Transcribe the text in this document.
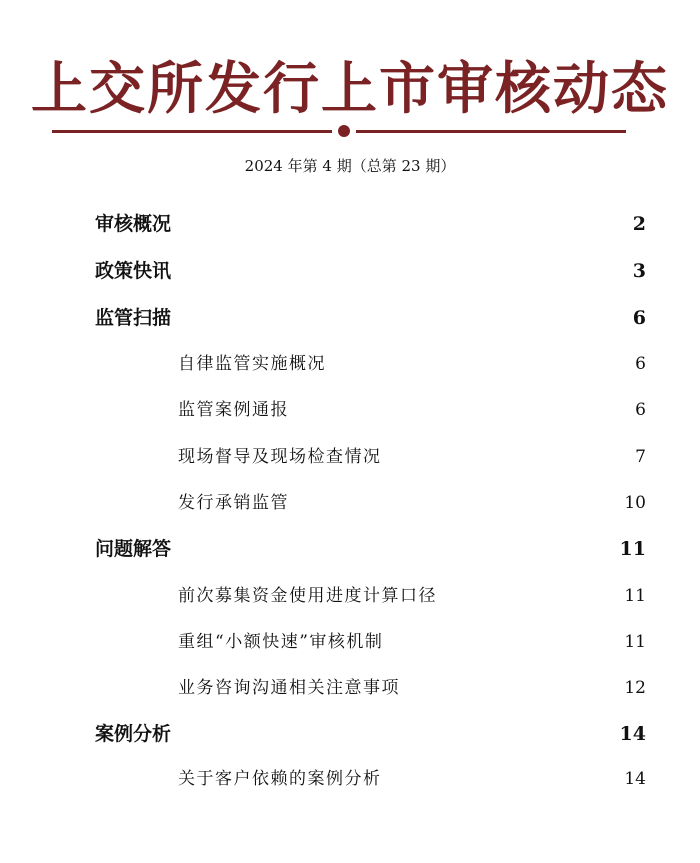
上交所发行上市审核动态
2024 年第 4 期（总第 23 期）
审核概况	2
政策快讯	3
监管扫描	6
自律监管实施概况	6
监管案例通报	6
现场督导及现场检查情况	7
发行承销监管	10
问题解答	11
前次募集资金使用进度计算口径	11
重组“小额快速”审核机制	11
业务咨询沟通相关注意事项	12
案例分析	14
关于客户依赖的案例分析	14
